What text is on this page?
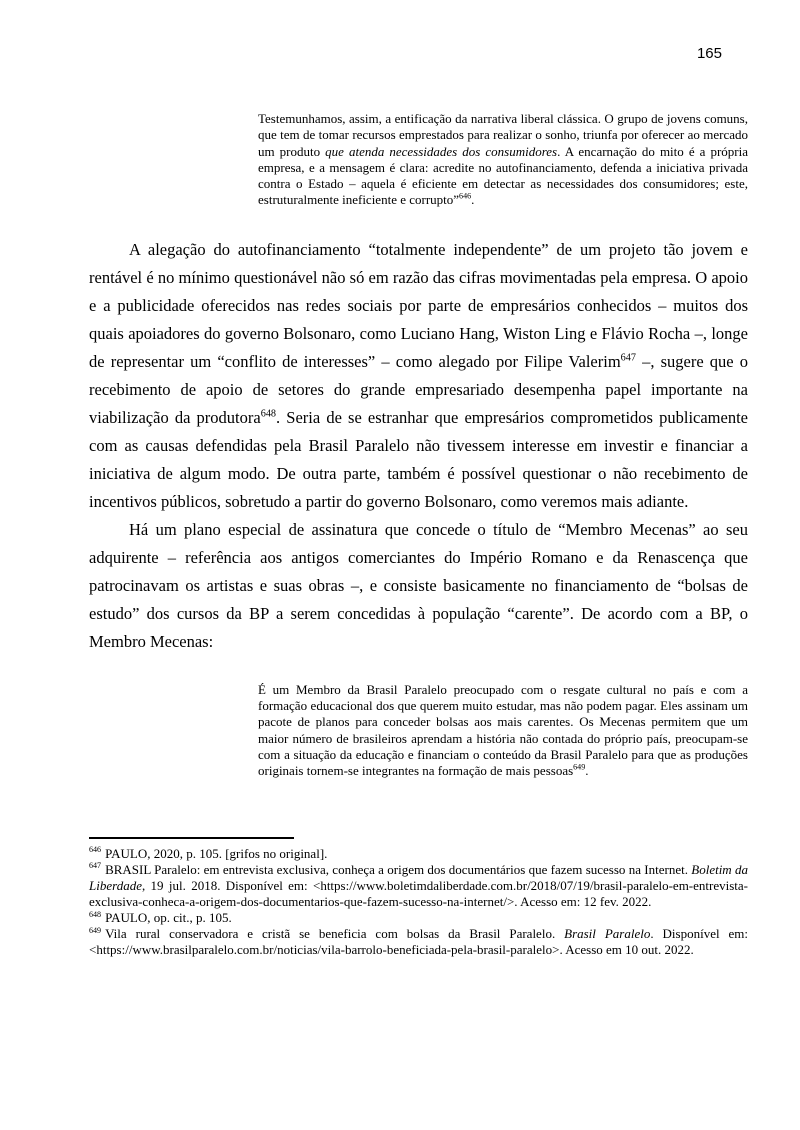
165
Testemunhamos, assim, a entificação da narrativa liberal clássica. O grupo de jovens comuns, que tem de tomar recursos emprestados para realizar o sonho, triunfa por oferecer ao mercado um produto que atenda necessidades dos consumidores. A encarnação do mito é a própria empresa, e a mensagem é clara: acredite no autofinanciamento, defenda a iniciativa privada contra o Estado – aquela é eficiente em detectar as necessidades dos consumidores; este, estruturalmente ineficiente e corrupto”$^{646}$.

A alegação do autofinanciamento “totalmente independente” de um projeto tão jovem e rentável é no mínimo questionável não só em razão das cifras movimentadas pela empresa. O apoio e a publicidade oferecidos nas redes sociais por parte de empresários conhecidos – muitos dos quais apoiadores do governo Bolsonaro, como Luciano Hang, Wiston Ling e Flávio Rocha –, longe de representar um “conflito de interesses” – como alegado por Filipe Valerim$^{647}$ –, sugere que o recebimento de apoio de setores do grande empresariado desempenha papel importante na viabilização da produtora$^{648}$. Seria de se estranhar que empresários comprometidos publicamente com as causas defendidas pela Brasil Paralelo não tivessem interesse em investir e financiar a iniciativa de algum modo. De outra parte, também é possível questionar o não recebimento de incentivos públicos, sobretudo a partir do governo Bolsonaro, como veremos mais adiante.

Há um plano especial de assinatura que concede o título de “Membro Mecenas” ao seu adquirente – referência aos antigos comerciantes do Império Romano e da Renascença que patrocinavam os artistas e suas obras –, e consiste basicamente no financiamento de “bolsas de estudo” dos cursos da BP a serem concedidas à população “carente”. De acordo com a BP, o Membro Mecenas:

É um Membro da Brasil Paralelo preocupado com o resgate cultural no país e com a formação educacional dos que querem muito estudar, mas não podem pagar. Eles assinam um pacote de planos para conceder bolsas aos mais carentes. Os Mecenas permitem que um maior número de brasileiros aprendam a história não contada do próprio país, preocupam-se com a situação da educação e financiam o conteúdo da Brasil Paralelo para que as produções originais tornem-se integrantes na formação de mais pessoas$^{649}$.
$^{646}$ PAULO, 2020, p. 105. [grifos no original].
$^{647}$ BRASIL Paralelo: em entrevista exclusiva, conheça a origem dos documentários que fazem sucesso na Internet. Boletim da Liberdade, 19 jul. 2018. Disponível em: <https://www.boletimdaliberdade.com.br/2018/07/19/brasil-paralelo-em-entrevista-exclusiva-conheca-a-origem-dos-documentarios-que-fazem-sucesso-na-internet/>. Acesso em: 12 fev. 2022.
$^{648}$ PAULO, op. cit., p. 105.
$^{649}$ Vila rural conservadora e cristã se beneficia com bolsas da Brasil Paralelo. Brasil Paralelo. Disponível em: <https://www.brasilparalelo.com.br/noticias/vila-barrolo-beneficiada-pela-brasil-paralelo>. Acesso em 10 out. 2022.
